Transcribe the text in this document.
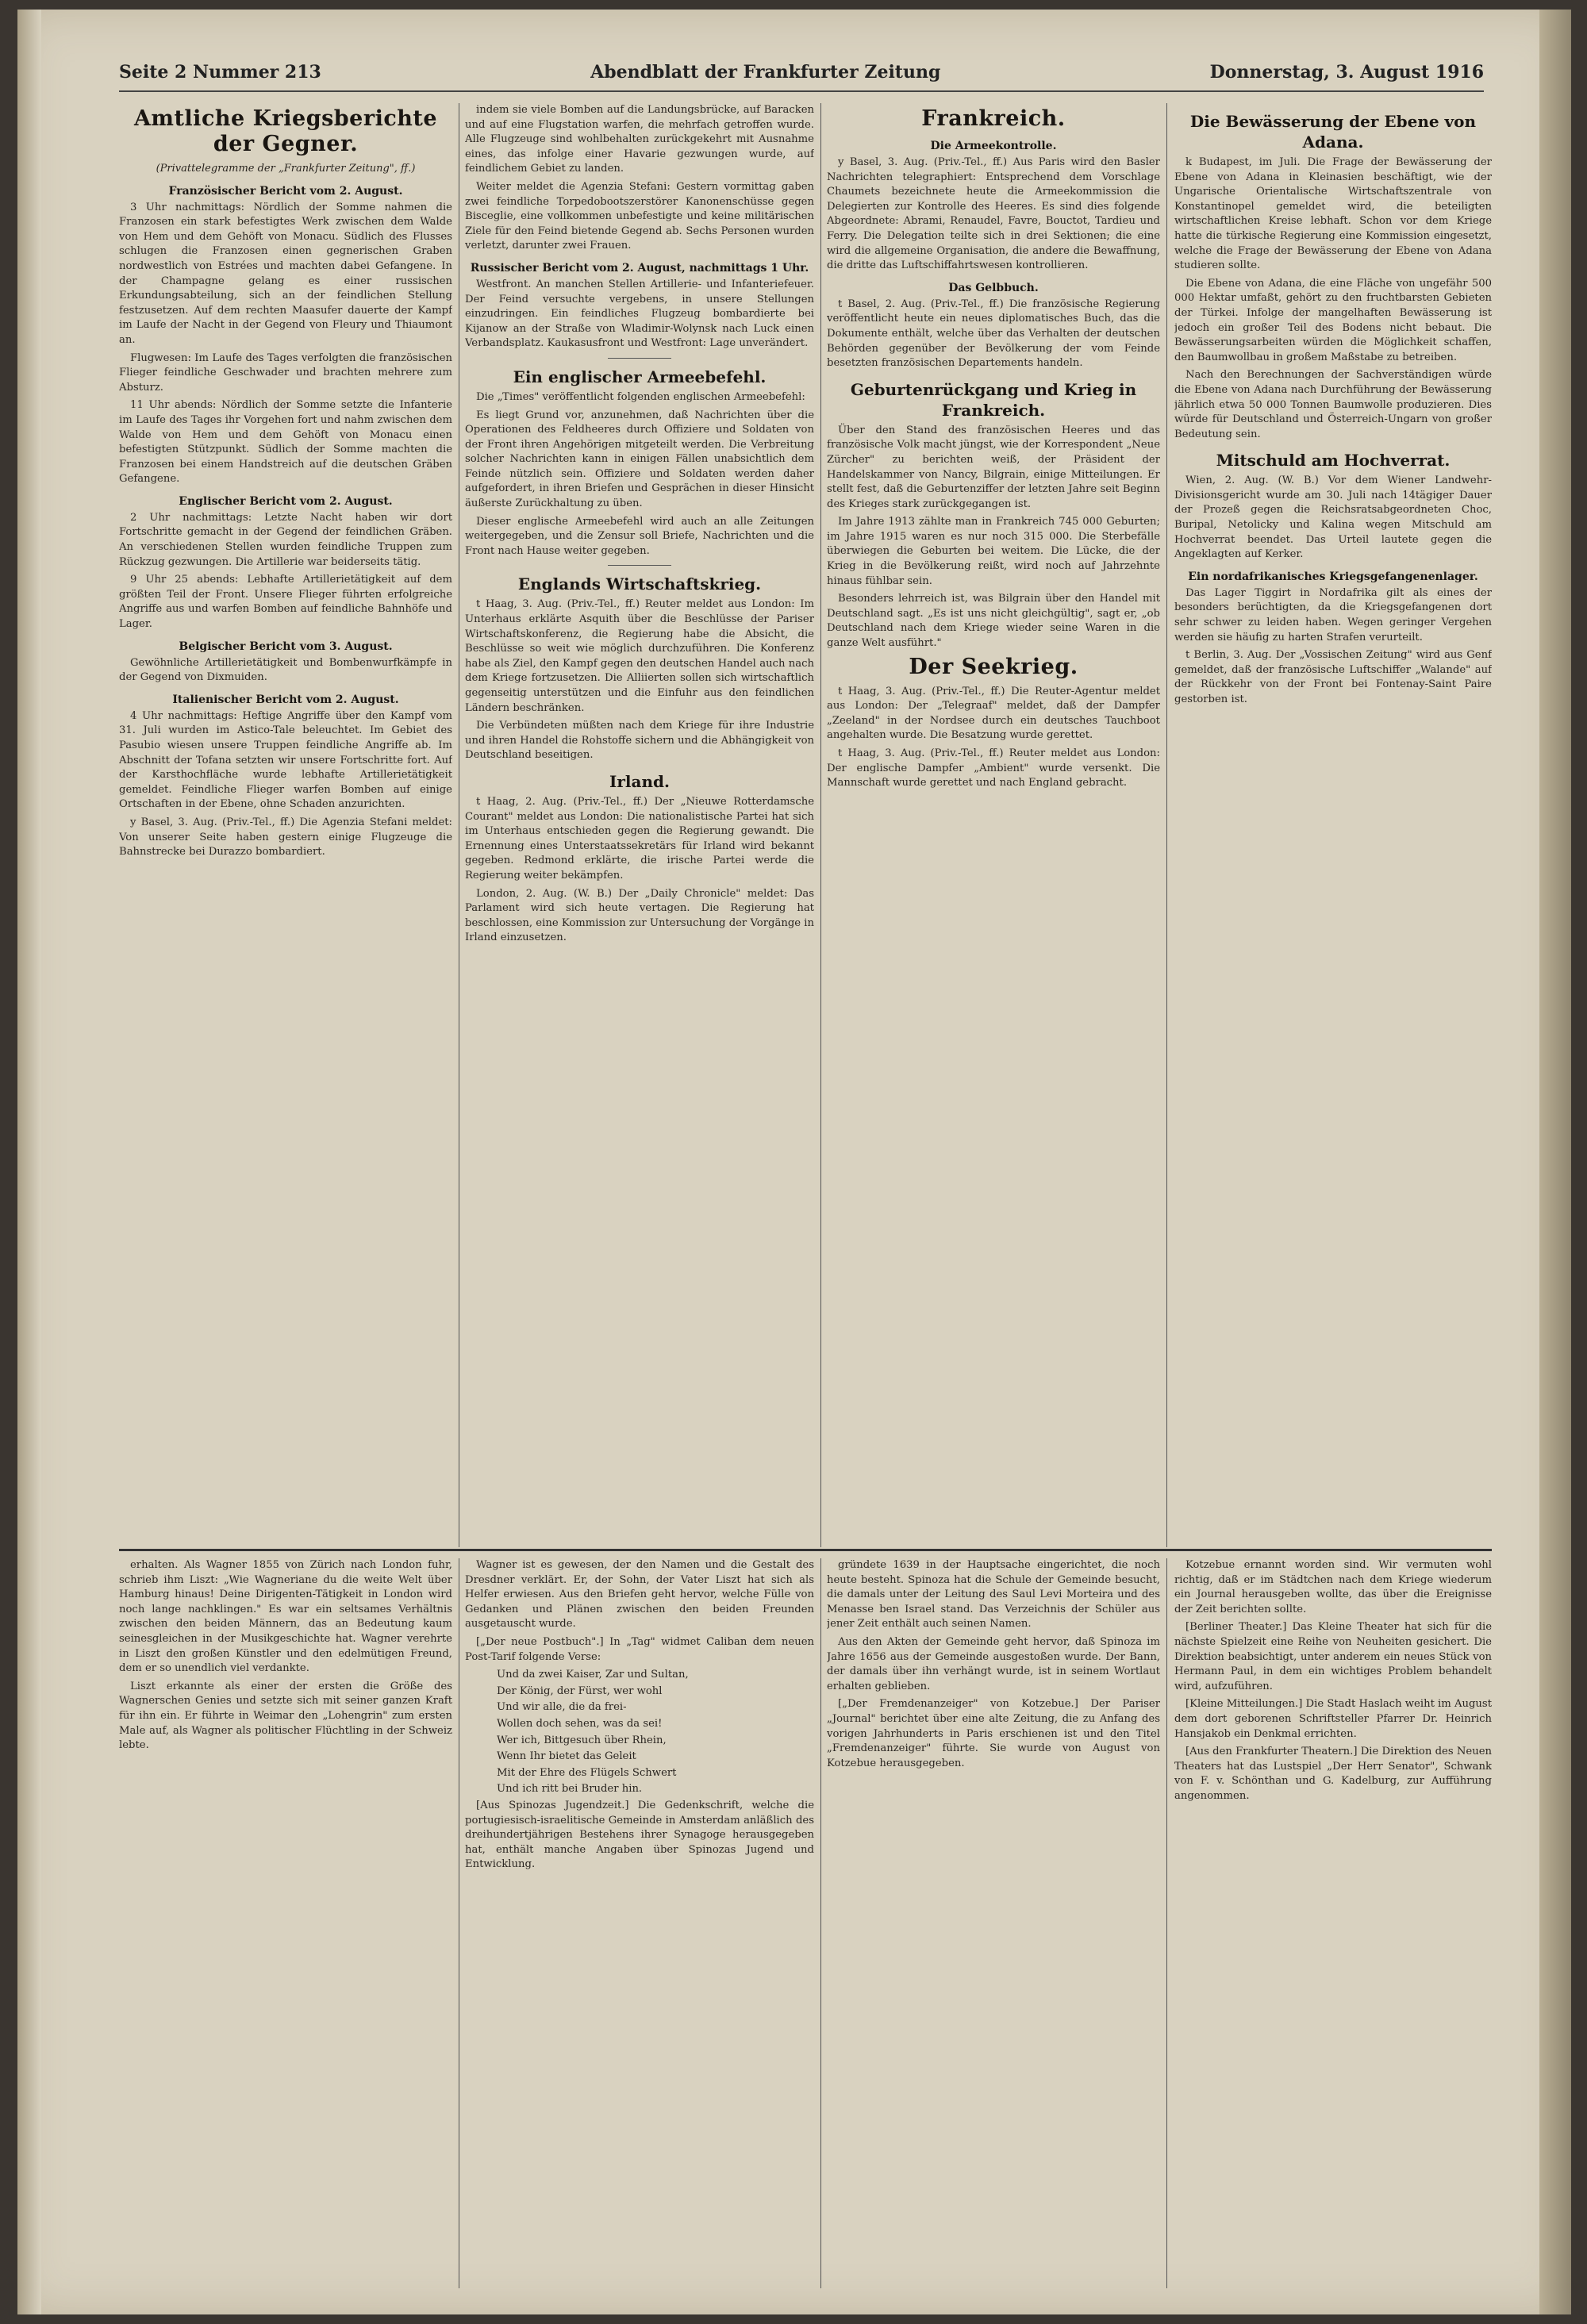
Seite 2 Nummer 213	Abendblatt der Frankfurter Zeitung	Donnerstag, 3. August 1916
Amtliche Kriegsberichte der Gegner.
(Privattelegramme der „Frankfurter Zeitung", ff.)
Französischer Bericht vom 2. August.

3 Uhr nachmittags: Nördlich der Somme nahmen die Franzosen ein stark befestigtes Werk zwischen dem Walde von Hem und dem Gehöft von Monacu. Südlich des Flusses schlugen die Franzosen einen gegnerischen Graben nordwestlich von Estrées und machten dabei Gefangene. In der Champagne gelang es einer russischen Erkundungsabteilung, sich an der feindlichen Stellung festzusetzen. Auf dem rechten Maasufer dauerte der Kampf im Laufe der Nacht in der Gegend von Fleury und Thiaumont an.

Flugwesen: Im Laufe des Tages verfolgten die französischen Flieger feindliche Geschwader und brachten mehrere zum Absturz.

11 Uhr abends: Nördlich der Somme setzte die Infanterie im Laufe des Tages ihr Vorgehen fort und nahm zwischen dem Walde von Hem und dem Gehöft von Monacu einen befestigten Stützpunkt. Südlich der Somme machten die Franzosen bei einem Handstreich auf die deutschen Gräben Gefangene.

Englischer Bericht vom 2. August.

2 Uhr nachmittags: Letzte Nacht haben wir dort Fortschritte gemacht in der Gegend der feindlichen Gräben. An verschiedenen Stellen wurden feindliche Truppen zum Rückzug gezwungen. Die Artillerie war beiderseits tätig.

9 Uhr 25 abends: Lebhafte Artillerietätigkeit auf dem größten Teil der Front. Unsere Flieger führten erfolgreiche Angriffe aus und warfen Bomben auf feindliche Bahnhöfe und Lager.

Belgischer Bericht vom 3. August.

Gewöhnliche Artillerietätigkeit und Bombenwurfkämpfe in der Gegend von Dixmuiden.

Italienischer Bericht vom 2. August.

4 Uhr nachmittags: Heftige Angriffe über den Kampf vom 31. Juli wurden im Astico-Tale beleuchtet. Im Gebiet des Pasubio wiesen unsere Truppen feindliche Angriffe ab. Im Abschnitt der Tofana setzten wir unsere Fortschritte fort. Auf der Karsthochfläche wurde lebhafte Artillerietätigkeit gemeldet. Feindliche Flieger warfen Bomben auf einige Ortschaften in der Ebene, ohne Schaden anzurichten.

y Basel, 3. Aug. (Priv.-Tel., ff.) Die Agenzia Stefani meldet: Von unserer Seite haben gestern einige Flugzeuge die Bahnstrecke bei Durazzo bombardiert.

indem sie viele Bomben auf die Landungsbrücke, auf Baracken und auf eine Flugstation warfen, die mehrfach getroffen wurde. Alle Flugzeuge sind wohlbehalten zurückgekehrt mit Ausnahme eines, das infolge einer Havarie gezwungen wurde, auf feindlichem Gebiet zu landen.

Weiter meldet die Agenzia Stefani: Gestern vormittag gaben zwei feindliche Torpedobootszerstörer Kanonenschüsse gegen Bisceglie, eine vollkommen unbefestigte und keine militärischen Ziele für den Feind bietende Gegend ab. Sechs Personen wurden verletzt, darunter zwei Frauen.

Russischer Bericht vom 2. August, nachmittags 1 Uhr.

Westfront. An manchen Stellen Artillerie- und Infanteriefeuer. Der Feind versuchte vergebens, in unsere Stellungen einzudringen. Ein feindliches Flugzeug bombardierte bei Kijanow an der Straße von Wladimir-Wolynsk nach Luck einen Verbandsplatz. Kaukasusfront und Westfront: Lage unverändert.

Ein englischer Armeebefehl.

Die „Times" veröffentlicht folgenden englischen Armeebefehl:

Es liegt Grund vor, anzunehmen, daß Nachrichten über die Operationen des Feldheeres durch Offiziere und Soldaten von der Front ihren Angehörigen mitgeteilt werden. Die Verbreitung solcher Nachrichten kann in einigen Fällen unabsichtlich dem Feinde nützlich sein. Offiziere und Soldaten werden daher aufgefordert, in ihren Briefen und Gesprächen in dieser Hinsicht äußerste Zurückhaltung zu üben.

Dieser englische Armeebefehl wird auch an alle Zeitungen weitergegeben, und die Zensur soll Briefe, Nachrichten und die Front nach Hause weiter gegeben.

Englands Wirtschaftskrieg.

t Haag, 3. Aug. (Priv.-Tel., ff.) Reuter meldet aus London: Im Unterhaus erklärte Asquith über die Beschlüsse der Pariser Wirtschaftskonferenz, die Regierung habe die Absicht, die Beschlüsse so weit wie möglich durchzuführen. Die Konferenz habe als Ziel, den Kampf gegen den deutschen Handel auch nach dem Kriege fortzusetzen. Die Alliierten sollen sich wirtschaftlich gegenseitig unterstützen und die Einfuhr aus den feindlichen Ländern beschränken.

Die Verbündeten müßten nach dem Kriege für ihre Industrie und ihren Handel die Rohstoffe sichern und die Abhängigkeit von Deutschland beseitigen.

Irland.

t Haag, 2. Aug. (Priv.-Tel., ff.) Der „Nieuwe Rotterdamsche Courant" meldet aus London: Die nationalistische Partei hat sich im Unterhaus entschieden gegen die Regierung gewandt. Die Ernennung eines Unterstaatssekretärs für Irland wird bekannt gegeben. Redmond erklärte, die irische Partei werde die Regierung weiter bekämpfen.

London, 2. Aug. (W. B.) Der „Daily Chronicle" meldet: Das Parlament wird sich heute vertagen. Die Regierung hat beschlossen, eine Kommission zur Untersuchung der Vorgänge in Irland einzusetzen.

Frankreich.
Die Armeekontrolle.

y Basel, 3. Aug. (Priv.-Tel., ff.) Aus Paris wird den Basler Nachrichten telegraphiert: Entsprechend dem Vorschlage Chaumets bezeichnete heute die Armeekommission die Delegierten zur Kontrolle des Heeres. Es sind dies folgende Abgeordnete: Abrami, Renaudel, Favre, Bouctot, Tardieu und Ferry. Die Delegation teilte sich in drei Sektionen; die eine wird die allgemeine Organisation, die andere die Bewaffnung, die dritte das Luftschiffahrtswesen kontrollieren.

Das Gelbbuch.

t Basel, 2. Aug. (Priv.-Tel., ff.) Die französische Regierung veröffentlicht heute ein neues diplomatisches Buch, das die Dokumente enthält, welche über das Verhalten der deutschen Behörden gegenüber der Bevölkerung der vom Feinde besetzten französischen Departements handeln.

Geburtenrückgang und Krieg in Frankreich.

Über den Stand des französischen Heeres und das französische Volk macht jüngst, wie der Korrespondent „Neue Zürcher" zu berichten weiß, der Präsident der Handelskammer von Nancy, Bilgrain, einige Mitteilungen. Er stellt fest, daß die Geburtenziffer der letzten Jahre seit Beginn des Krieges stark zurückgegangen ist.

Im Jahre 1913 zählte man in Frankreich 745 000 Geburten; im Jahre 1915 waren es nur noch 315 000. Die Sterbefälle überwiegen die Geburten bei weitem. Die Lücke, die der Krieg in die Bevölkerung reißt, wird noch auf Jahrzehnte hinaus fühlbar sein.

Besonders lehrreich ist, was Bilgrain über den Handel mit Deutschland sagt. „Es ist uns nicht gleichgültig", sagt er, „ob Deutschland nach dem Kriege wieder seine Waren in die ganze Welt ausführt."

Der Seekrieg.

t Haag, 3. Aug. (Priv.-Tel., ff.) Die Reuter-Agentur meldet aus London: Der „Telegraaf" meldet, daß der Dampfer „Zeeland" in der Nordsee durch ein deutsches Tauchboot angehalten wurde. Die Besatzung wurde gerettet.

t Haag, 3. Aug. (Priv.-Tel., ff.) Reuter meldet aus London: Der englische Dampfer „Ambient" wurde versenkt. Die Mannschaft wurde gerettet und nach England gebracht.

Die Bewässerung der Ebene von Adana.

k Budapest, im Juli. Die Frage der Bewässerung der Ebene von Adana in Kleinasien beschäftigt, wie der Ungarische Orientalische Wirtschaftszentrale von Konstantinopel gemeldet wird, die beteiligten wirtschaftlichen Kreise lebhaft. Schon vor dem Kriege hatte die türkische Regierung eine Kommission eingesetzt, welche die Frage der Bewässerung der Ebene von Adana studieren sollte.

Die Ebene von Adana, die eine Fläche von ungefähr 500 000 Hektar umfaßt, gehört zu den fruchtbarsten Gebieten der Türkei. Infolge der mangelhaften Bewässerung ist jedoch ein großer Teil des Bodens nicht bebaut. Die Bewässerungsarbeiten würden die Möglichkeit schaffen, den Baumwollbau in großem Maßstabe zu betreiben.

Nach den Berechnungen der Sachverständigen würde die Ebene von Adana nach Durchführung der Bewässerung jährlich etwa 50 000 Tonnen Baumwolle produzieren. Dies würde für Deutschland und Österreich-Ungarn von großer Bedeutung sein.

Mitschuld am Hochverrat.

Wien, 2. Aug. (W. B.) Vor dem Wiener Landwehr-Divisionsgericht wurde am 30. Juli nach 14tägiger Dauer der Prozeß gegen die Reichsratsabgeordneten Choc, Buripal, Netolicky und Kalina wegen Mitschuld am Hochverrat beendet. Das Urteil lautete gegen die Angeklagten auf Kerker.

Ein nordafrikanisches Kriegsgefangenenlager.

Das Lager Tiggirt in Nordafrika gilt als eines der besonders berüchtigten, da die Kriegsgefangenen dort sehr schwer zu leiden haben. Wegen geringer Vergehen werden sie häufig zu harten Strafen verurteilt.

t Berlin, 3. Aug. Der „Vossischen Zeitung" wird aus Genf gemeldet, daß der französische Luftschiffer „Walande" auf der Rückkehr von der Front bei Fontenay-Saint Paire gestorben ist.

erhalten. Als Wagner 1855 von Zürich nach London fuhr, schrieb ihm Liszt: „Wie Wagneriane du die weite Welt über Hamburg hinaus! Deine Dirigenten-Tätigkeit in London wird noch lange nachklingen." Es war ein seltsames Verhältnis zwischen den beiden Männern, das an Bedeutung kaum seinesgleichen in der Musikgeschichte hat. Wagner verehrte in Liszt den großen Künstler und den edelmütigen Freund, dem er so unendlich viel verdankte.

Liszt erkannte als einer der ersten die Größe des Wagnerschen Genies und setzte sich mit seiner ganzen Kraft für ihn ein. Er führte in Weimar den „Lohengrin" zum ersten Male auf, als Wagner als politischer Flüchtling in der Schweiz lebte.

Wagner ist es gewesen, der den Namen und die Gestalt des Dresdner verklärt. Er, der Sohn, der Vater Liszt hat sich als Helfer erwiesen. Aus den Briefen geht hervor, welche Fülle von Gedanken und Plänen zwischen den beiden Freunden ausgetauscht wurde.

[„Der neue Postbuch".] In „Tag" widmet Caliban dem neuen Post-Tarif folgende Verse:

Und da zwei Kaiser, Zar und Sultan,

Der König, der Fürst, wer wohl

Und wir alle, die da frei-

Wollen doch sehen, was da sei!

Wer ich, Bittgesuch über Rhein,

Wenn Ihr bietet das Geleit

Mit der Ehre des Flügels Schwert

Und ich ritt bei Bruder hin.

[Aus Spinozas Jugendzeit.] Die Gedenkschrift, welche die portugiesisch-israelitische Gemeinde in Amsterdam anläßlich des dreihundertjährigen Bestehens ihrer Synagoge herausgegeben hat, enthält manche Angaben über Spinozas Jugend und Entwicklung.

gründete 1639 in der Hauptsache eingerichtet, die noch heute besteht. Spinoza hat die Schule der Gemeinde besucht, die damals unter der Leitung des Saul Levi Morteira und des Menasse ben Israel stand. Das Verzeichnis der Schüler aus jener Zeit enthält auch seinen Namen.

Aus den Akten der Gemeinde geht hervor, daß Spinoza im Jahre 1656 aus der Gemeinde ausgestoßen wurde. Der Bann, der damals über ihn verhängt wurde, ist in seinem Wortlaut erhalten geblieben.

[„Der Fremdenanzeiger" von Kotzebue.] Der Pariser „Journal" berichtet über eine alte Zeitung, die zu Anfang des vorigen Jahrhunderts in Paris erschienen ist und den Titel „Fremdenanzeiger" führte. Sie wurde von August von Kotzebue herausgegeben.

Kotzebue ernannt worden sind. Wir vermuten wohl richtig, daß er im Städtchen nach dem Kriege wiederum ein Journal herausgeben wollte, das über die Ereignisse der Zeit berichten sollte.

[Berliner Theater.] Das Kleine Theater hat sich für die nächste Spielzeit eine Reihe von Neuheiten gesichert. Die Direktion beabsichtigt, unter anderem ein neues Stück von Hermann Paul, in dem ein wichtiges Problem behandelt wird, aufzuführen.

[Kleine Mitteilungen.] Die Stadt Haslach weiht im August dem dort geborenen Schriftsteller Pfarrer Dr. Heinrich Hansjakob ein Denkmal errichten.

[Aus den Frankfurter Theatern.] Die Direktion des Neuen Theaters hat das Lustspiel „Der Herr Senator", Schwank von F. v. Schönthan und G. Kadelburg, zur Aufführung angenommen.
